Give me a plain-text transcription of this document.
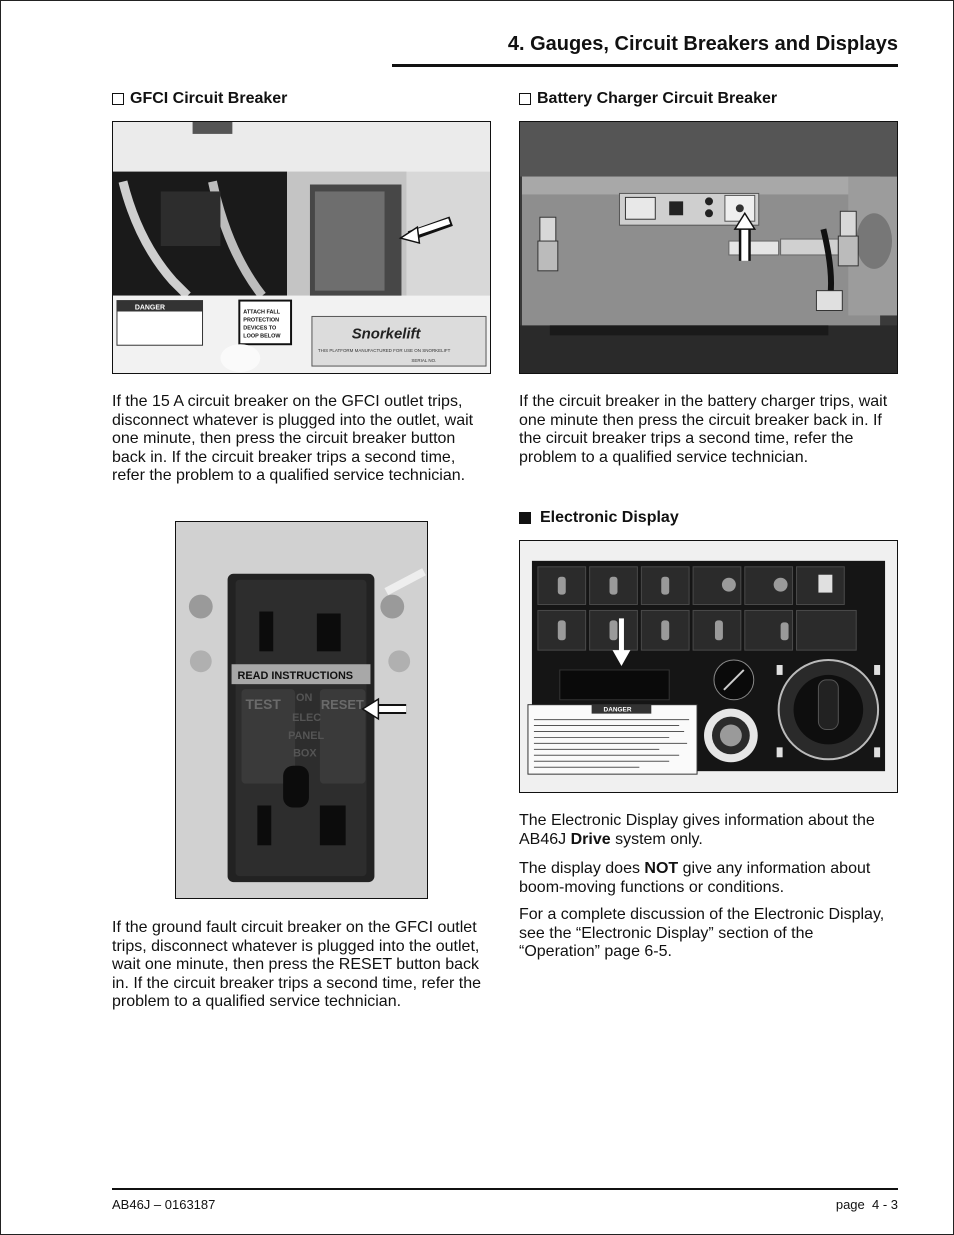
4. Gauges, Circuit Breakers and Displays
GFCI Circuit Breaker
DANGER
ATTACH FALL PROTECTION DEVICES TO LOOP BELOW	Snorkelift
THIS PLATFORM MANUFACTURED FOR USE ON SNORKELIFT
SERIAL NO.

If the 15 A circuit breaker on the GFCI outlet trips, disconnect whatever is plugged into the outlet, wait one minute, then press the circuit breaker button back in. If the circuit breaker trips a second time, refer the problem to a qualified service technician.

READ INSTRUCTIONS
TEST	RESET
ON ELEC PANEL BOX

If the ground fault circuit breaker on the GFCI outlet trips, disconnect whatever is plugged into the outlet, wait one minute, then press the RESET button back in. If the circuit breaker trips a second time, refer the problem to a qualified service technician.

Battery Charger Circuit Breaker

If the circuit breaker in the battery charger trips, wait one minute then press the circuit breaker back in. If the circuit breaker trips a second time, refer the problem to a qualified service technician.

Electronic Display
DANGER

The Electronic Display gives information about the AB46J Drive system only.

The display does NOT give any information about boom-moving functions or conditions.

For a complete discussion of the Electronic Display, see the “Electronic Display” section of the “Operation” page 6-5.

AB46J – 0163187	page  4 - 3
